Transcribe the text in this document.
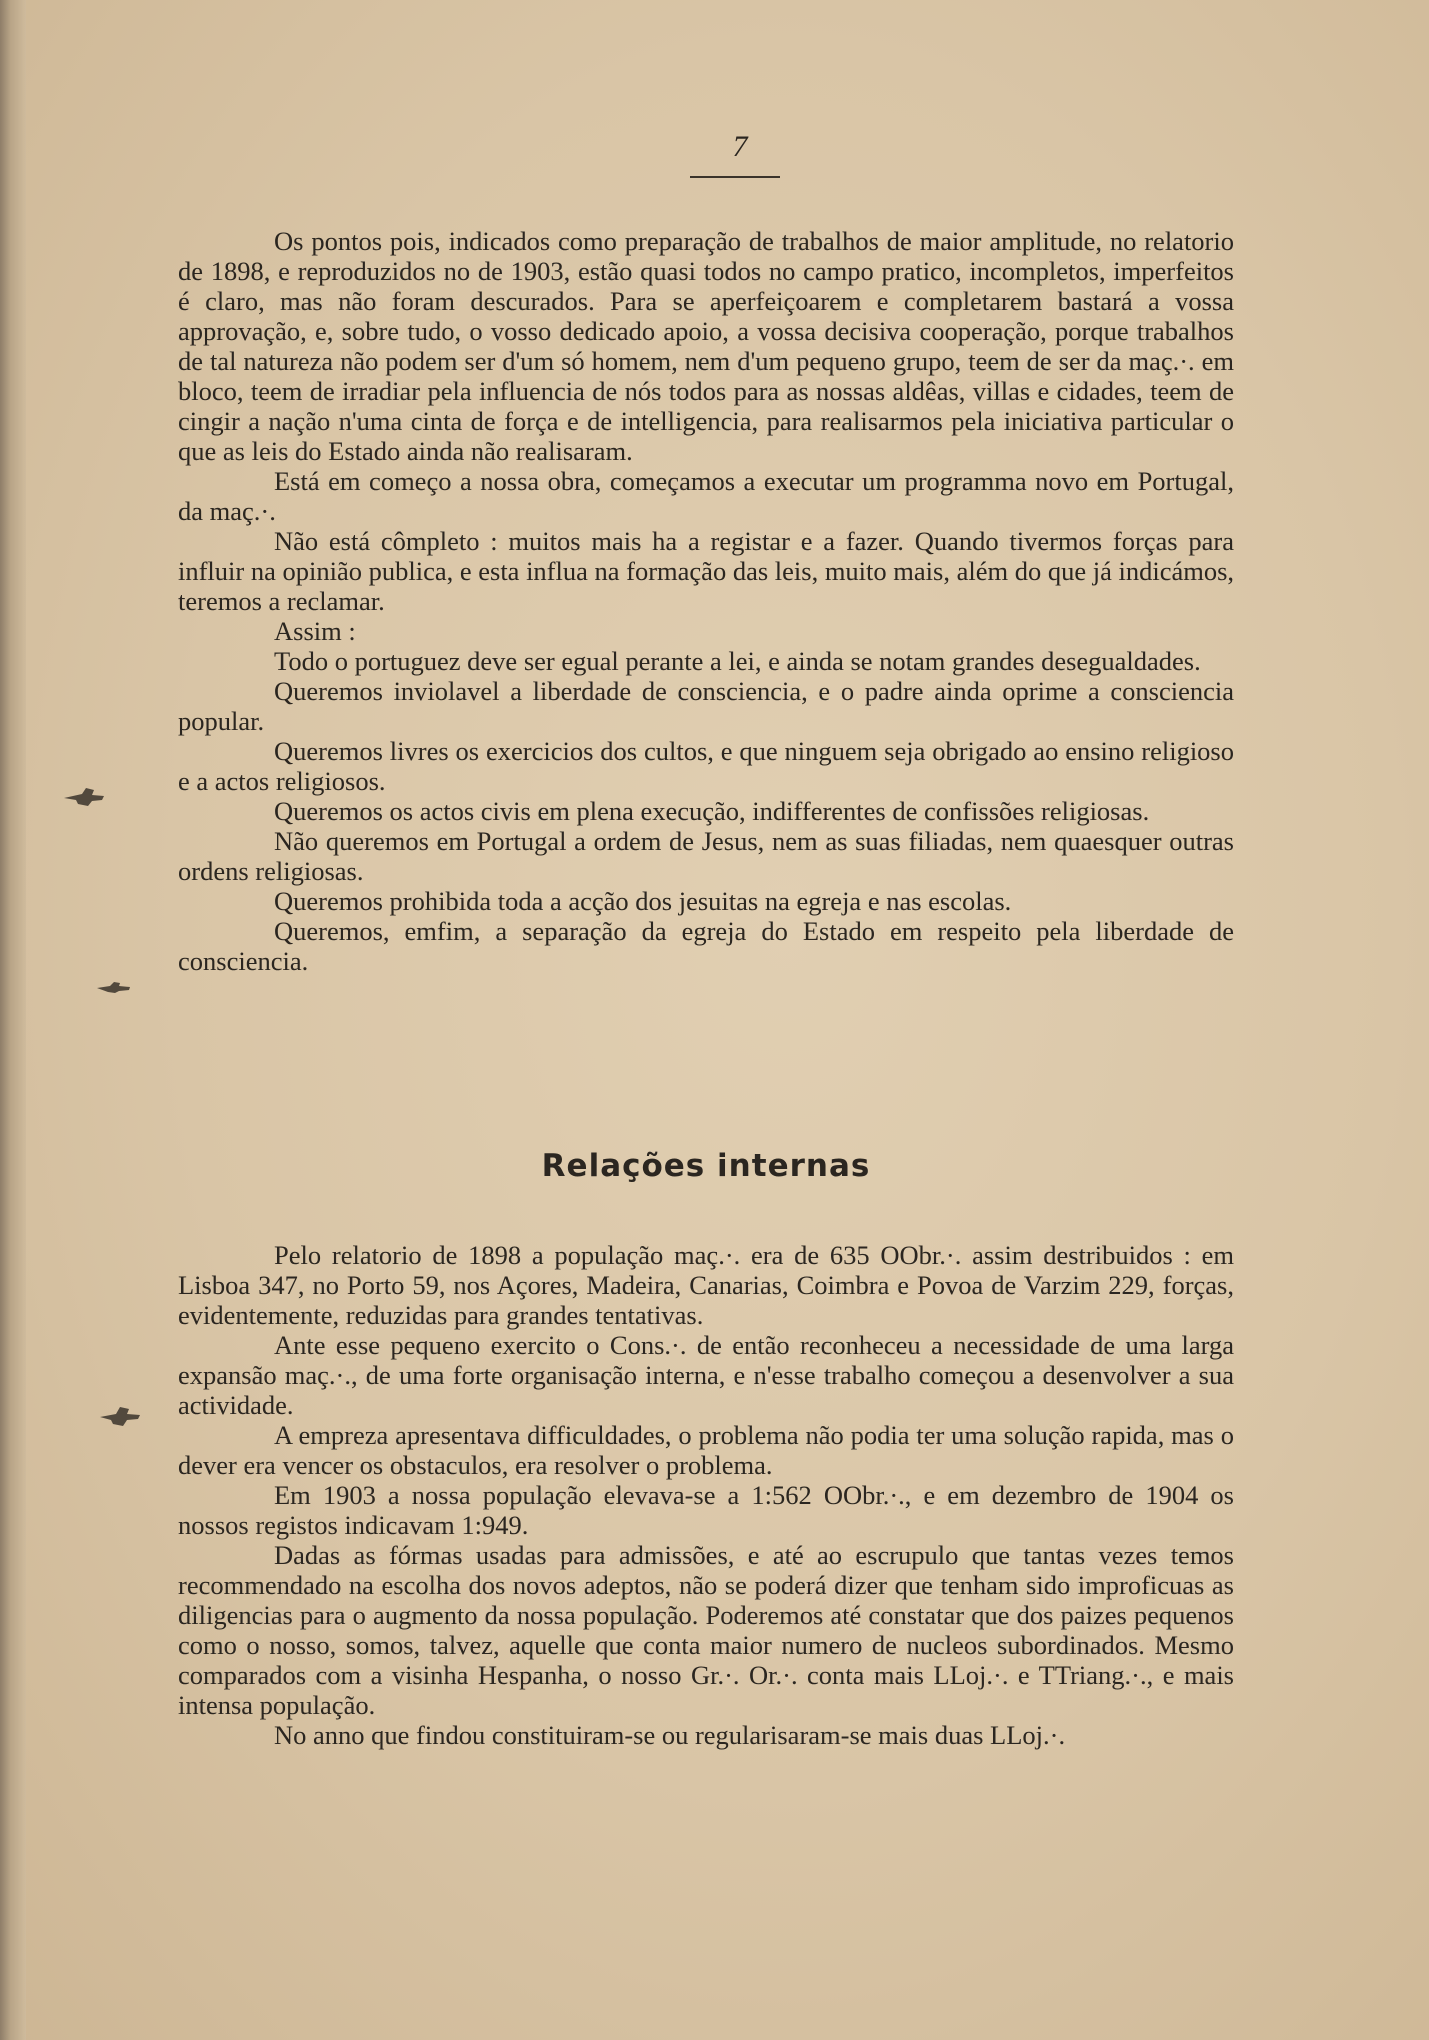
7

Os pontos pois, indicados como preparação de trabalhos de maior amplitude, no relatorio de 1898, e reproduzidos no de 1903, estão quasi todos no campo pratico, incompletos, imperfeitos é claro, mas não foram descurados. Para se aperfeiçoarem e completarem bastará a vossa approvação, e, sobre tudo, o vosso dedicado apoio, a vossa decisiva cooperação, porque trabalhos de tal natureza não podem ser d'um só homem, nem d'um pequeno grupo, teem de ser da maç.·. em bloco, teem de irradiar pela influencia de nós todos para as nossas aldêas, villas e cidades, teem de cingir a nação n'uma cinta de força e de intelligencia, para realisarmos pela iniciativa particular o que as leis do Estado ainda não realisaram.

Está em começo a nossa obra, começamos a executar um programma novo em Portugal, da maç.·.

Não está cômpleto : muitos mais ha a registar e a fazer. Quando tivermos forças para influir na opinião publica, e esta influa na formação das leis, muito mais, além do que já indicámos, teremos a reclamar.

Assim :

Todo o portuguez deve ser egual perante a lei, e ainda se notam grandes desegualdades.

Queremos inviolavel a liberdade de consciencia, e o padre ainda oprime a consciencia popular.

Queremos livres os exercicios dos cultos, e que ninguem seja obrigado ao ensino religioso e a actos religiosos.

Queremos os actos civis em plena execução, indifferentes de confissões religiosas.

Não queremos em Portugal a ordem de Jesus, nem as suas filiadas, nem quaesquer outras ordens religiosas.

Queremos prohibida toda a acção dos jesuitas na egreja e nas escolas.

Queremos, emfim, a separação da egreja do Estado em respeito pela liberdade de consciencia.

Relações internas

Pelo relatorio de 1898 a população maç.·. era de 635 OObr.·. assim destribuidos : em Lisboa 347, no Porto 59, nos Açores, Madeira, Canarias, Coimbra e Povoa de Varzim 229, forças, evidentemente, reduzidas para grandes tentativas.

Ante esse pequeno exercito o Cons.·. de então reconheceu a necessidade de uma larga expansão maç.·., de uma forte organisação interna, e n'esse trabalho começou a desenvolver a sua actividade.

A empreza apresentava difficuldades, o problema não podia ter uma solução rapida, mas o dever era vencer os obstaculos, era resolver o problema.

Em 1903 a nossa população elevava-se a 1:562 OObr.·., e em dezembro de 1904 os nossos registos indicavam 1:949.

Dadas as fórmas usadas para admissões, e até ao escrupulo que tantas vezes temos recommendado na escolha dos novos adeptos, não se poderá dizer que tenham sido improficuas as diligencias para o augmento da nossa população. Poderemos até constatar que dos paizes pequenos como o nosso, somos, talvez, aquelle que conta maior numero de nucleos subordinados. Mesmo comparados com a visinha Hespanha, o nosso Gr.·. Or.·. conta mais LLoj.·. e TTriang.·., e mais intensa população.

No anno que findou constituiram-se ou regularisaram-se mais duas LLoj.·.
